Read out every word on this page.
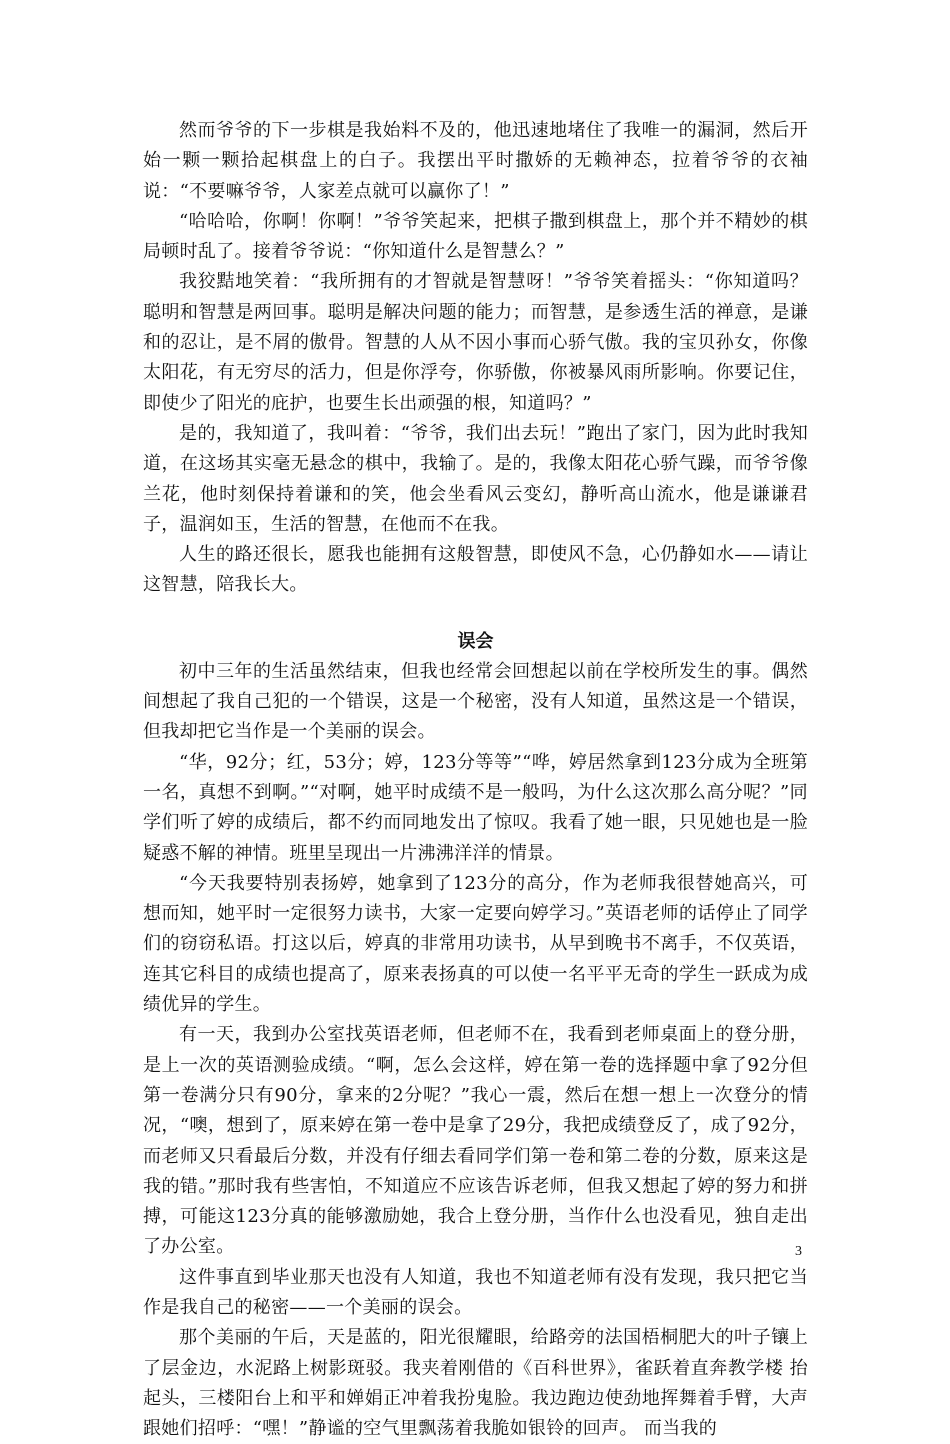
然而爷爷的下一步棋是我始料不及的，他迅速地堵住了我唯一的漏洞，然后开始一颗一颗拾起棋盘上的白子。我摆出平时撒娇的无赖神态，拉着爷爷的衣袖说：“不要嘛爷爷，人家差点就可以赢你了！”

“哈哈哈，你啊！你啊！”爷爷笑起来，把棋子撒到棋盘上，那个并不精妙的棋局顿时乱了。接着爷爷说：“你知道什么是智慧么？”

我狡黠地笑着：“我所拥有的才智就是智慧呀！”爷爷笑着摇头：“你知道吗？聪明和智慧是两回事。聪明是解决问题的能力；而智慧，是参透生活的禅意，是谦和的忍让，是不屑的傲骨。智慧的人从不因小事而心骄气傲。我的宝贝孙女，你像太阳花，有无穷尽的活力，但是你浮夸，你骄傲，你被暴风雨所影响。你要记住，即使少了阳光的庇护，也要生长出顽强的根，知道吗？”

是的，我知道了，我叫着：“爷爷，我们出去玩！”跑出了家门，因为此时我知道，在这场其实毫无悬念的棋中，我输了。是的，我像太阳花心骄气躁，而爷爷像兰花，他时刻保持着谦和的笑，他会坐看风云变幻，静听高山流水，他是谦谦君子，温润如玉，生活的智慧，在他而不在我。

人生的路还很长，愿我也能拥有这般智慧，即使风不急，心仍静如水——请让这智慧，陪我长大。

误会

初中三年的生活虽然结束，但我也经常会回想起以前在学校所发生的事。偶然间想起了我自己犯的一个错误，这是一个秘密，没有人知道，虽然这是一个错误，但我却把它当作是一个美丽的误会。

“华，92分；红，53分；婷，123分等等”“哗，婷居然拿到123分成为全班第一名，真想不到啊。”“对啊，她平时成绩不是一般吗，为什么这次那么高分呢？”同学们听了婷的成绩后，都不约而同地发出了惊叹。我看了她一眼，只见她也是一脸疑惑不解的神情。班里呈现出一片沸沸洋洋的情景。

“今天我要特别表扬婷，她拿到了123分的高分，作为老师我很替她高兴，可想而知，她平时一定很努力读书，大家一定要向婷学习。”英语老师的话停止了同学们的窃窃私语。打这以后，婷真的非常用功读书，从早到晚书不离手，不仅英语，连其它科目的成绩也提高了，原来表扬真的可以使一名平平无奇的学生一跃成为成绩优异的学生。

有一天，我到办公室找英语老师，但老师不在，我看到老师桌面上的登分册，是上一次的英语测验成绩。“啊，怎么会这样，婷在第一卷的选择题中拿了92分但第一卷满分只有90分，拿来的2分呢？”我心一震，然后在想一想上一次登分的情况，“噢，想到了，原来婷在第一卷中是拿了29分，我把成绩登反了，成了92分，而老师又只看最后分数，并没有仔细去看同学们第一卷和第二卷的分数，原来这是我的错。”那时我有些害怕，不知道应不应该告诉老师，但我又想起了婷的努力和拼搏，可能这123分真的能够激励她，我合上登分册，当作什么也没看见，独自走出了办公室。

这件事直到毕业那天也没有人知道，我也不知道老师有没有发现，我只把它当作是我自己的秘密——一个美丽的误会。

那个美丽的午后，天是蓝的，阳光很耀眼，给路旁的法国梧桐肥大的叶子镶上了层金边，水泥路上树影斑驳。我夹着刚借的《百科世界》，雀跃着直奔教学楼 抬起头，三楼阳台上和平和婵娟正冲着我扮鬼脸。我边跑边使劲地挥舞着手臂，大声跟她们招呼：“嘿！”静谧的空气里飘荡着我脆如银铃的回声。 而当我的

3
